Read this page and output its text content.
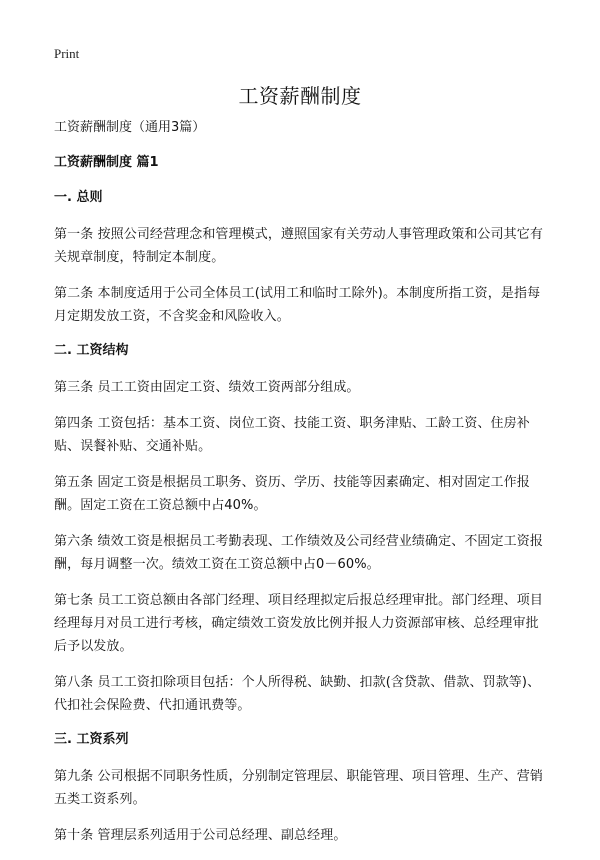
Print
工资薪酬制度
工资薪酬制度（通用3篇）
工资薪酬制度 篇1
一. 总则
第一条 按照公司经营理念和管理模式，遵照国家有关劳动人事管理政策和公司其它有关规章制度，特制定本制度。
第二条 本制度适用于公司全体员工(试用工和临时工除外)。本制度所指工资，是指每月定期发放工资，不含奖金和风险收入。
二. 工资结构
第三条 员工工资由固定工资、绩效工资两部分组成。
第四条 工资包括：基本工资、岗位工资、技能工资、职务津贴、工龄工资、住房补贴、误餐补贴、交通补贴。
第五条 固定工资是根据员工职务、资历、学历、技能等因素确定、相对固定工作报酬。固定工资在工资总额中占40%。
第六条 绩效工资是根据员工考勤表现、工作绩效及公司经营业绩确定、不固定工资报酬，每月调整一次。绩效工资在工资总额中占0－60%。
第七条 员工工资总额由各部门经理、项目经理拟定后报总经理审批。部门经理、项目经理每月对员工进行考核，确定绩效工资发放比例并报人力资源部审核、总经理审批后予以发放。
第八条 员工工资扣除项目包括：个人所得税、缺勤、扣款(含贷款、借款、罚款等)、代扣社会保险费、代扣通讯费等。
三. 工资系列
第九条 公司根据不同职务性质，分别制定管理层、职能管理、项目管理、生产、营销五类工资系列。
第十条 管理层系列适用于公司总经理、副总经理。
